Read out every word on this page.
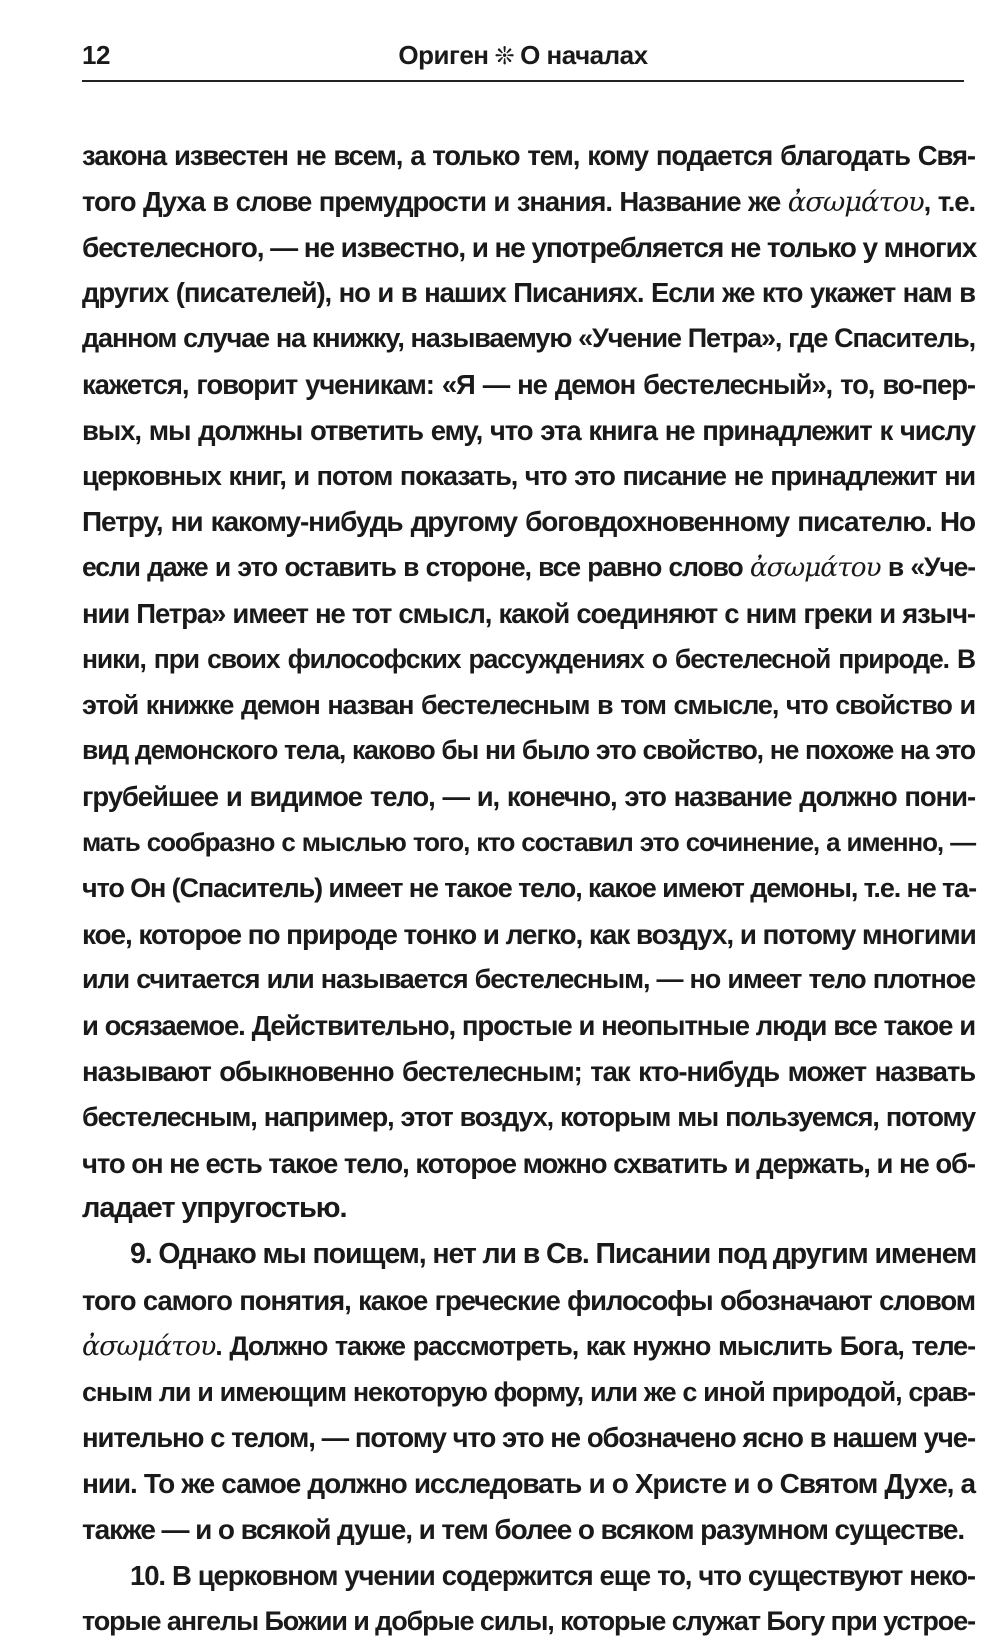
12	Ориген ❊ О началах
закона известен не всем, а только тем, кому подается благодать Свя-
того Духа в слове премудрости и знания. Название же ἀσωμάτου, т.е.
бестелесного, — не известно, и не употребляется не только у многих
других (писателей), но и в наших Писаниях. Если же кто укажет нам в
данном случае на книжку, называемую «Учение Петра», где Спаситель,
кажется, говорит ученикам: «Я — не демон бестелесный», то, во-пер-
вых, мы должны ответить ему, что эта книга не принадлежит к числу
церковных книг, и потом показать, что это писание не принадлежит ни
Петру, ни какому-нибудь другому боговдохновенному писателю. Но
если даже и это оставить в стороне, все равно слово ἀσωμάτου в «Уче-
нии Петра» имеет не тот смысл, какой соединяют с ним греки и языч-
ники, при своих философских рассуждениях о бестелесной природе. В
этой книжке демон назван бестелесным в том смысле, что свойство и
вид демонского тела, каково бы ни было это свойство, не похоже на это
грубейшее и видимое тело, — и, конечно, это название должно пони-
мать сообразно с мыслью того, кто составил это сочинение, а именно, —
что Он (Спаситель) имеет не такое тело, какое имеют демоны, т.е. не та-
кое, которое по природе тонко и легко, как воздух, и потому многими
или считается или называется бестелесным, — но имеет тело плотное
и осязаемое. Действительно, простые и неопытные люди все такое и
называют обыкновенно бестелесным; так кто-нибудь может назвать
бестелесным, например, этот воздух, которым мы пользуемся, потому
что он не есть такое тело, которое можно схватить и держать, и не об-
ладает упругостью.
9. Однако мы поищем, нет ли в Св. Писании под другим именем
того самого понятия, какое греческие философы обозначают словом
ἀσωμάτου. Должно также рассмотреть, как нужно мыслить Бога, теле-
сным ли и имеющим некоторую форму, или же с иной природой, срав-
нительно с телом, — потому что это не обозначено ясно в нашем уче-
нии. То же самое должно исследовать и о Христе и о Святом Духе, а
также — и о всякой душе, и тем более о всяком разумном существе.
10. В церковном учении содержится еще то, что существуют неко-
торые ангелы Божии и добрые силы, которые служат Богу при устрое-
